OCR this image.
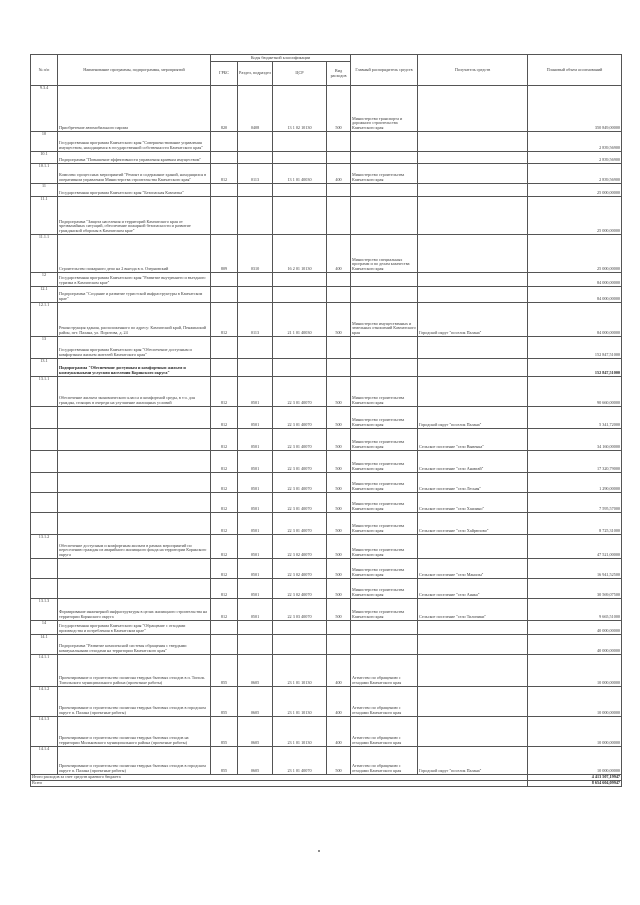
№ п/п	Наименование программы, подпрограммы, мероприятий	Коды бюджетной классификации				Главный распорядитель средств	Получатель средств	Плановый объем ассигнований
		ГРБС	Раздел, подраздел	ЦСР	Вид расходов			
9.3.4	Приобретение автомобильного парома	820	0408	13 1 02 10130	500	Министерство транспорта и дорожного строительства Камчатского края		350 849,00000
10	Государственная программа Камчатского края "Совершенствование управления имуществом, находящимся в государственной собственности Камчатского края"							2 839,56900
10.1	Подпрограмма "Повышение эффективности управления краевым имуществом"							2 839,56900
10.1.1	Комплекс процессных мероприятий "Ремонт и содержание зданий, находящихся в оперативном управлении Министерства строительства Камчатского края"	812	0113	13 1 01 40030	400	Министерство строительства Камчатского края		2 839,56900
11	Государственная программа Камчатского края "Безопасная Камчатка"							25 000,00000
11.1	Подпрограмма "Защита населения и территорий Камчатского края от чрезвычайных ситуаций, обеспечение пожарной безопасности и развитие гражданской обороны в Камчатском крае"							25 000,00000
11.1.1	Строительство пожарного депо на 2 выезда в п. Озерновский	809	0310	16 2 01 10130	400	Министерство специальных программ и по делам казачества Камчатского края		25 000,00000
12	Государственная программа Камчатского края "Развитие внутреннего и въездного туризма в Камчатском крае"							84 000,00000
12.1	Подпрограмма "Создание и развитие туристской инфраструктуры в Камчатском крае"							84 000,00000
12.1.1	Реконструкция здания, расположенного по адресу: Камчатский край, Пенжинский район, пгт. Палана, ул. Поротова, д. 24	812	0113	21 1 01 40030	500	Министерство имущественных и земельных отношений Камчатского края	Городской округ "поселок Палана"	84 000,00000
13	Государственная программа Камчатского края "Обеспечение доступным и комфортным жильем жителей Камчатского края"							152 847,51000
13.1	Подпрограмма "Обеспечение доступным и комфортным жильем и коммунальными услугами населения Корякского округа"							152 847,51000
13.1.1	Обеспечение жильем экономического класса и комфортной среды, в т.ч. для граждан, стоящих в очереди на улучшение жилищных условий	812	0501	22 3 01 40070	500	Министерство строительства Камчатского края		90 660,00000
		812	0501	22 3 01 40070	500	Министерство строительства Камчатского края	Городской округ "поселок Палана"	5 341,72000
		812	0501	22 3 01 40070	500	Министерство строительства Камчатского края	Сельское поселение "село Вывенка"	34 160,00000
		812	0501	22 3 01 40070	500	Министерство строительства Камчатского края	Сельское поселение "село Анавгай"	17 320,79000
		812	0501	22 3 01 40070	500	Министерство строительства Камчатского края	Сельское поселение "село Лесная"	1 290,00000
		812	0501	22 3 01 40070	500	Министерство строительства Камчатского края	Сельское поселение "село Хаилино"	7 595,57000
		812	0501	22 3 01 40070	500	Министерство строительства Камчатского края	Сельское поселение "село Хайрюзово"	8 725,31000
13.1.2	Обеспечение доступным и комфортным жильем в рамках мероприятий по переселению граждан из аварийного жилищного фонда на территории Корякского округа	812	0501	22 3 02 40070	500	Министерство строительства Камчатского края		47 521,00000
		812	0501	22 3 02 40070	500	Министерство строительства Камчатского края	Сельское поселение "село Манилы"	16 941,52500
		812	0501	22 3 02 40070	500	Министерство строительства Камчатского края	Сельское поселение "село Аянка"	30 569,07500
13.1.3	Формирование инженерной инфраструктуры в целях жилищного строительства на территории Корякского округа	812	0501	22 3 03 40070	500	Министерство строительства Камчатского края	Сельское поселение "село Тиличики"	9 665,51000
14	Государственная программа Камчатского края "Обращение с отходами производства и потребления в Камчатском крае"							40 000,00000
14.1	Подпрограмма "Развитие комплексной системы обращения с твердыми коммунальными отходами на территории Камчатского края"							40 000,00000
14.1.1	Проектирование и строительство полигона твердых бытовых отходов в п. Тигиль Тигильского муниципального района (проектные работы)	855	0605	23 1 01 10130	400	Агентство по обращению с отходами Камчатского края		10 000,00000
14.1.2	Проектирование и строительство полигона твердых бытовых отходов в городском округе п. Палана (проектные работы)	855	0605	23 1 01 10130	400	Агентство по обращению с отходами Камчатского края		10 000,00000
14.1.3	Проектирование и строительство полигона твердых бытовых отходов на территории Мильковского муниципального района (проектные работы)	855	0605	23 1 01 10130	400	Агентство по обращению с отходами Камчатского края		10 000,00000
14.1.4	Проектирование и строительство полигона твердых бытовых отходов в городском округе п. Палана (проектные работы)	855	0605	23 1 01 40070	500	Агентство по обращению с отходами Камчатского края	Городской округ "поселок Палана"	10 000,00000
Итого расходов за счет средств краевого бюджета								4 413 507,19947
Всего								8 654 604,09947
